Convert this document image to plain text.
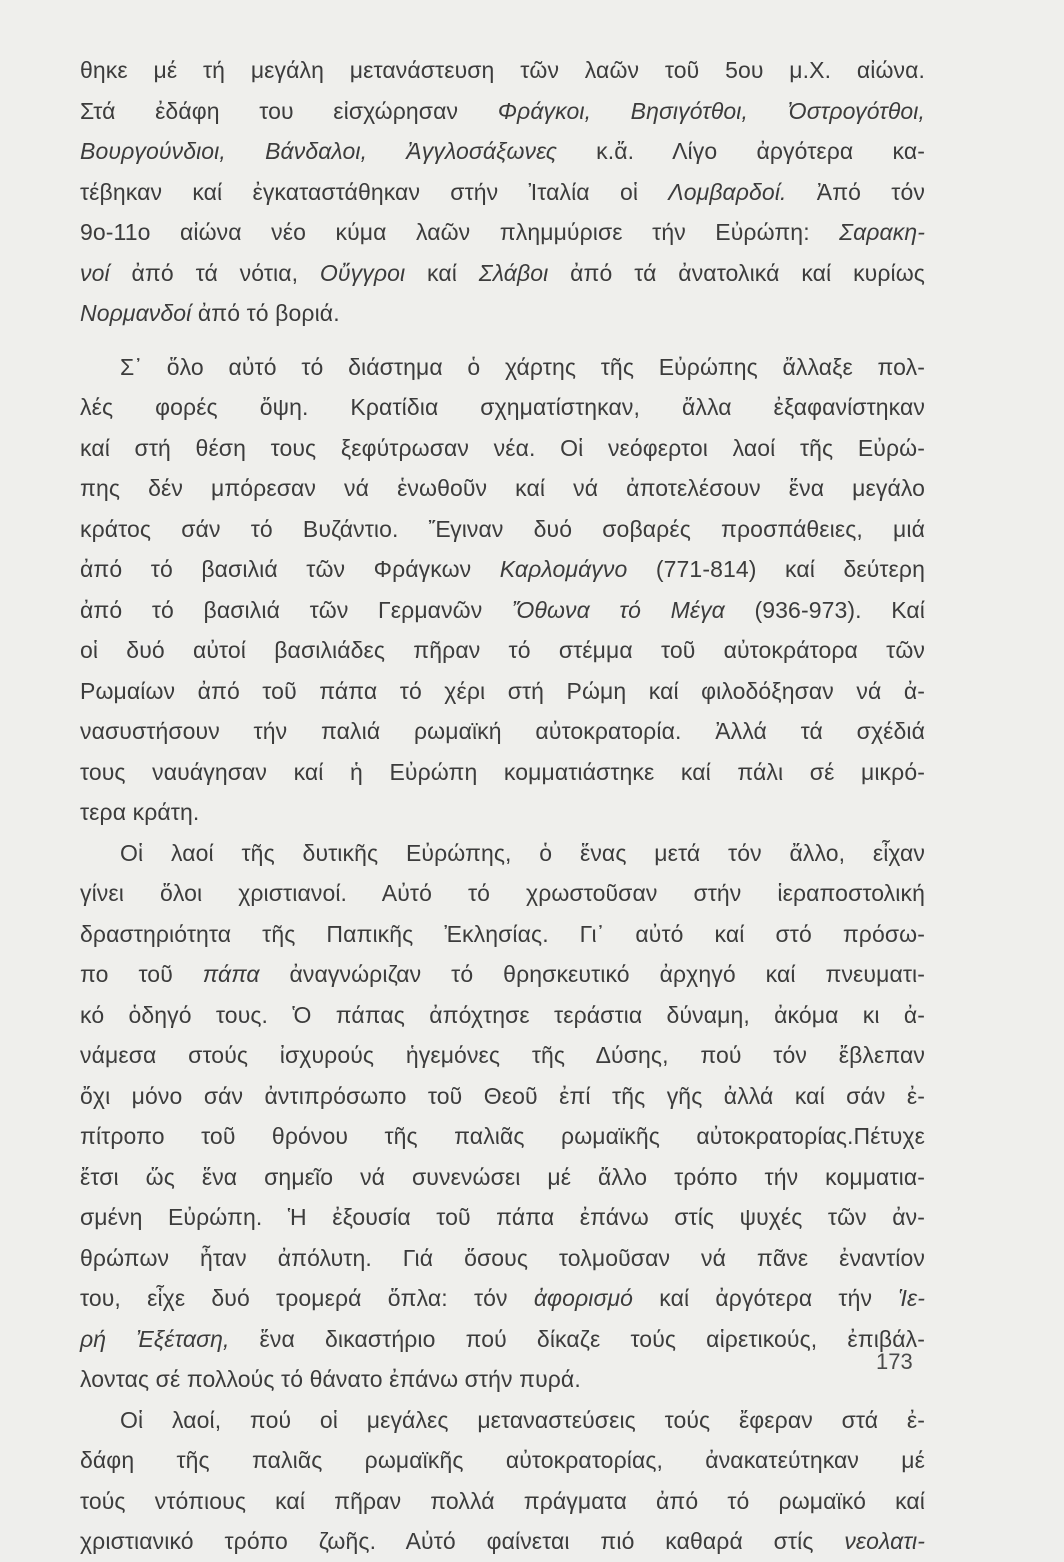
θηκε μέ τή μεγάλη μετανάστευση τῶν λαῶν τοῦ 5ου μ.Χ. αἰώνα.
Στά ἐδάφη του εἰσχώρησαν Φράγκοι, Βησιγότθοι, Ὀστρογότθοι,
Βουργούνδιοι, Βάνδαλοι, Ἀγγλοσάξωνες κ.ἄ. Λίγο ἀργότερα κα-
τέβηκαν καί ἐγκαταστάθηκαν στήν Ἰταλία οἱ Λομβαρδοί. Ἀπό τόν
9ο-11ο αἰώνα νέο κύμα λαῶν πλημμύρισε τήν Εὐρώπη: Σαρακη-
νοί ἀπό τά νότια, Οὔγγροι καί Σλάβοι ἀπό τά ἀνατολικά καί κυρίως
Νορμανδοί ἀπό τό βοριά.
Σ᾽ ὅλο αὐτό τό διάστημα ὁ χάρτης τῆς Εὐρώπης ἄλλαξε πολ-
λές φορές ὄψη. Κρατίδια σχηματίστηκαν, ἄλλα ἐξαφανίστηκαν
καί στή θέση τους ξεφύτρωσαν νέα. Οἱ νεόφερτοι λαοί τῆς Εὐρώ-
πης δέν μπόρεσαν νά ἑνωθοῦν καί νά ἀποτελέσουν ἕνα μεγάλο
κράτος σάν τό Βυζάντιο. Ἔγιναν δυό σοβαρές προσπάθειες, μιά
ἀπό τό βασιλιά τῶν Φράγκων Καρλομάγνο (771-814) καί δεύτερη
ἀπό τό βασιλιά τῶν Γερμανῶν Ὄθωνα τό Μέγα (936-973). Καί
οἱ δυό αὐτοί βασιλιάδες πῆραν τό στέμμα τοῦ αὐτοκράτορα τῶν
Ρωμαίων ἀπό τοῦ πάπα τό χέρι στή Ρώμη καί φιλοδόξησαν νά ἀ-
νασυστήσουν τήν παλιά ρωμαϊκή αὐτοκρατορία. Ἀλλά τά σχέδιά
τους ναυάγησαν καί ἡ Εὐρώπη κομματιάστηκε καί πάλι σέ μικρό-
τερα κράτη.
Οἱ λαοί τῆς δυτικῆς Εὐρώπης, ὁ ἕνας μετά τόν ἄλλο, εἶχαν
γίνει ὅλοι χριστιανοί. Αὐτό τό χρωστοῦσαν στήν ἱεραποστολική
δραστηριότητα τῆς Παπικῆς Ἐκλησίας. Γι᾽ αὐτό καί στό πρόσω-
πο τοῦ πάπα ἀναγνώριζαν τό θρησκευτικό ἀρχηγό καί πνευματι-
κό ὁδηγό τους. Ὁ πάπας ἀπόχτησε τεράστια δύναμη, ἀκόμα κι ἀ-
νάμεσα στούς ἰσχυρούς ἡγεμόνες τῆς Δύσης, πού τόν ἔβλεπαν
ὄχι μόνο σάν ἀντιπρόσωπο τοῦ Θεοῦ ἐπί τῆς γῆς ἀλλά καί σάν ἐ-
πίτροπο τοῦ θρόνου τῆς παλιᾶς ρωμαϊκῆς αὐτοκρατορίας.Πέτυχε
ἔτσι ὥς ἕνα σημεῖο νά συνενώσει μέ ἄλλο τρόπο τήν κομματια-
σμένη Εὐρώπη. Ἡ ἐξουσία τοῦ πάπα ἐπάνω στίς ψυχές τῶν ἀν-
θρώπων ἦταν ἀπόλυτη. Γιά ὅσους τολμοῦσαν νά πᾶνε ἐναντίον
του, εἶχε δυό τρομερά ὅπλα: τόν ἀφορισμό καί ἀργότερα τήν Ἱε-
ρή Ἐξέταση, ἕνα δικαστήριο πού δίκαζε τούς αἱρετικούς, ἐπιβάλ-
λοντας σέ πολλούς τό θάνατο ἐπάνω στήν πυρά.
Οἱ λαοί, πού οἱ μεγάλες μεταναστεύσεις τούς ἔφεραν στά ἐ-
δάφη τῆς παλιᾶς ρωμαϊκῆς αὐτοκρατορίας, ἀνακατεύτηκαν μέ
τούς ντόπιους καί πῆραν πολλά πράγματα ἀπό τό ρωμαϊκό καί
χριστιανικό τρόπο ζωῆς. Αὐτό φαίνεται πιό καθαρά στίς νεολατι-
173
